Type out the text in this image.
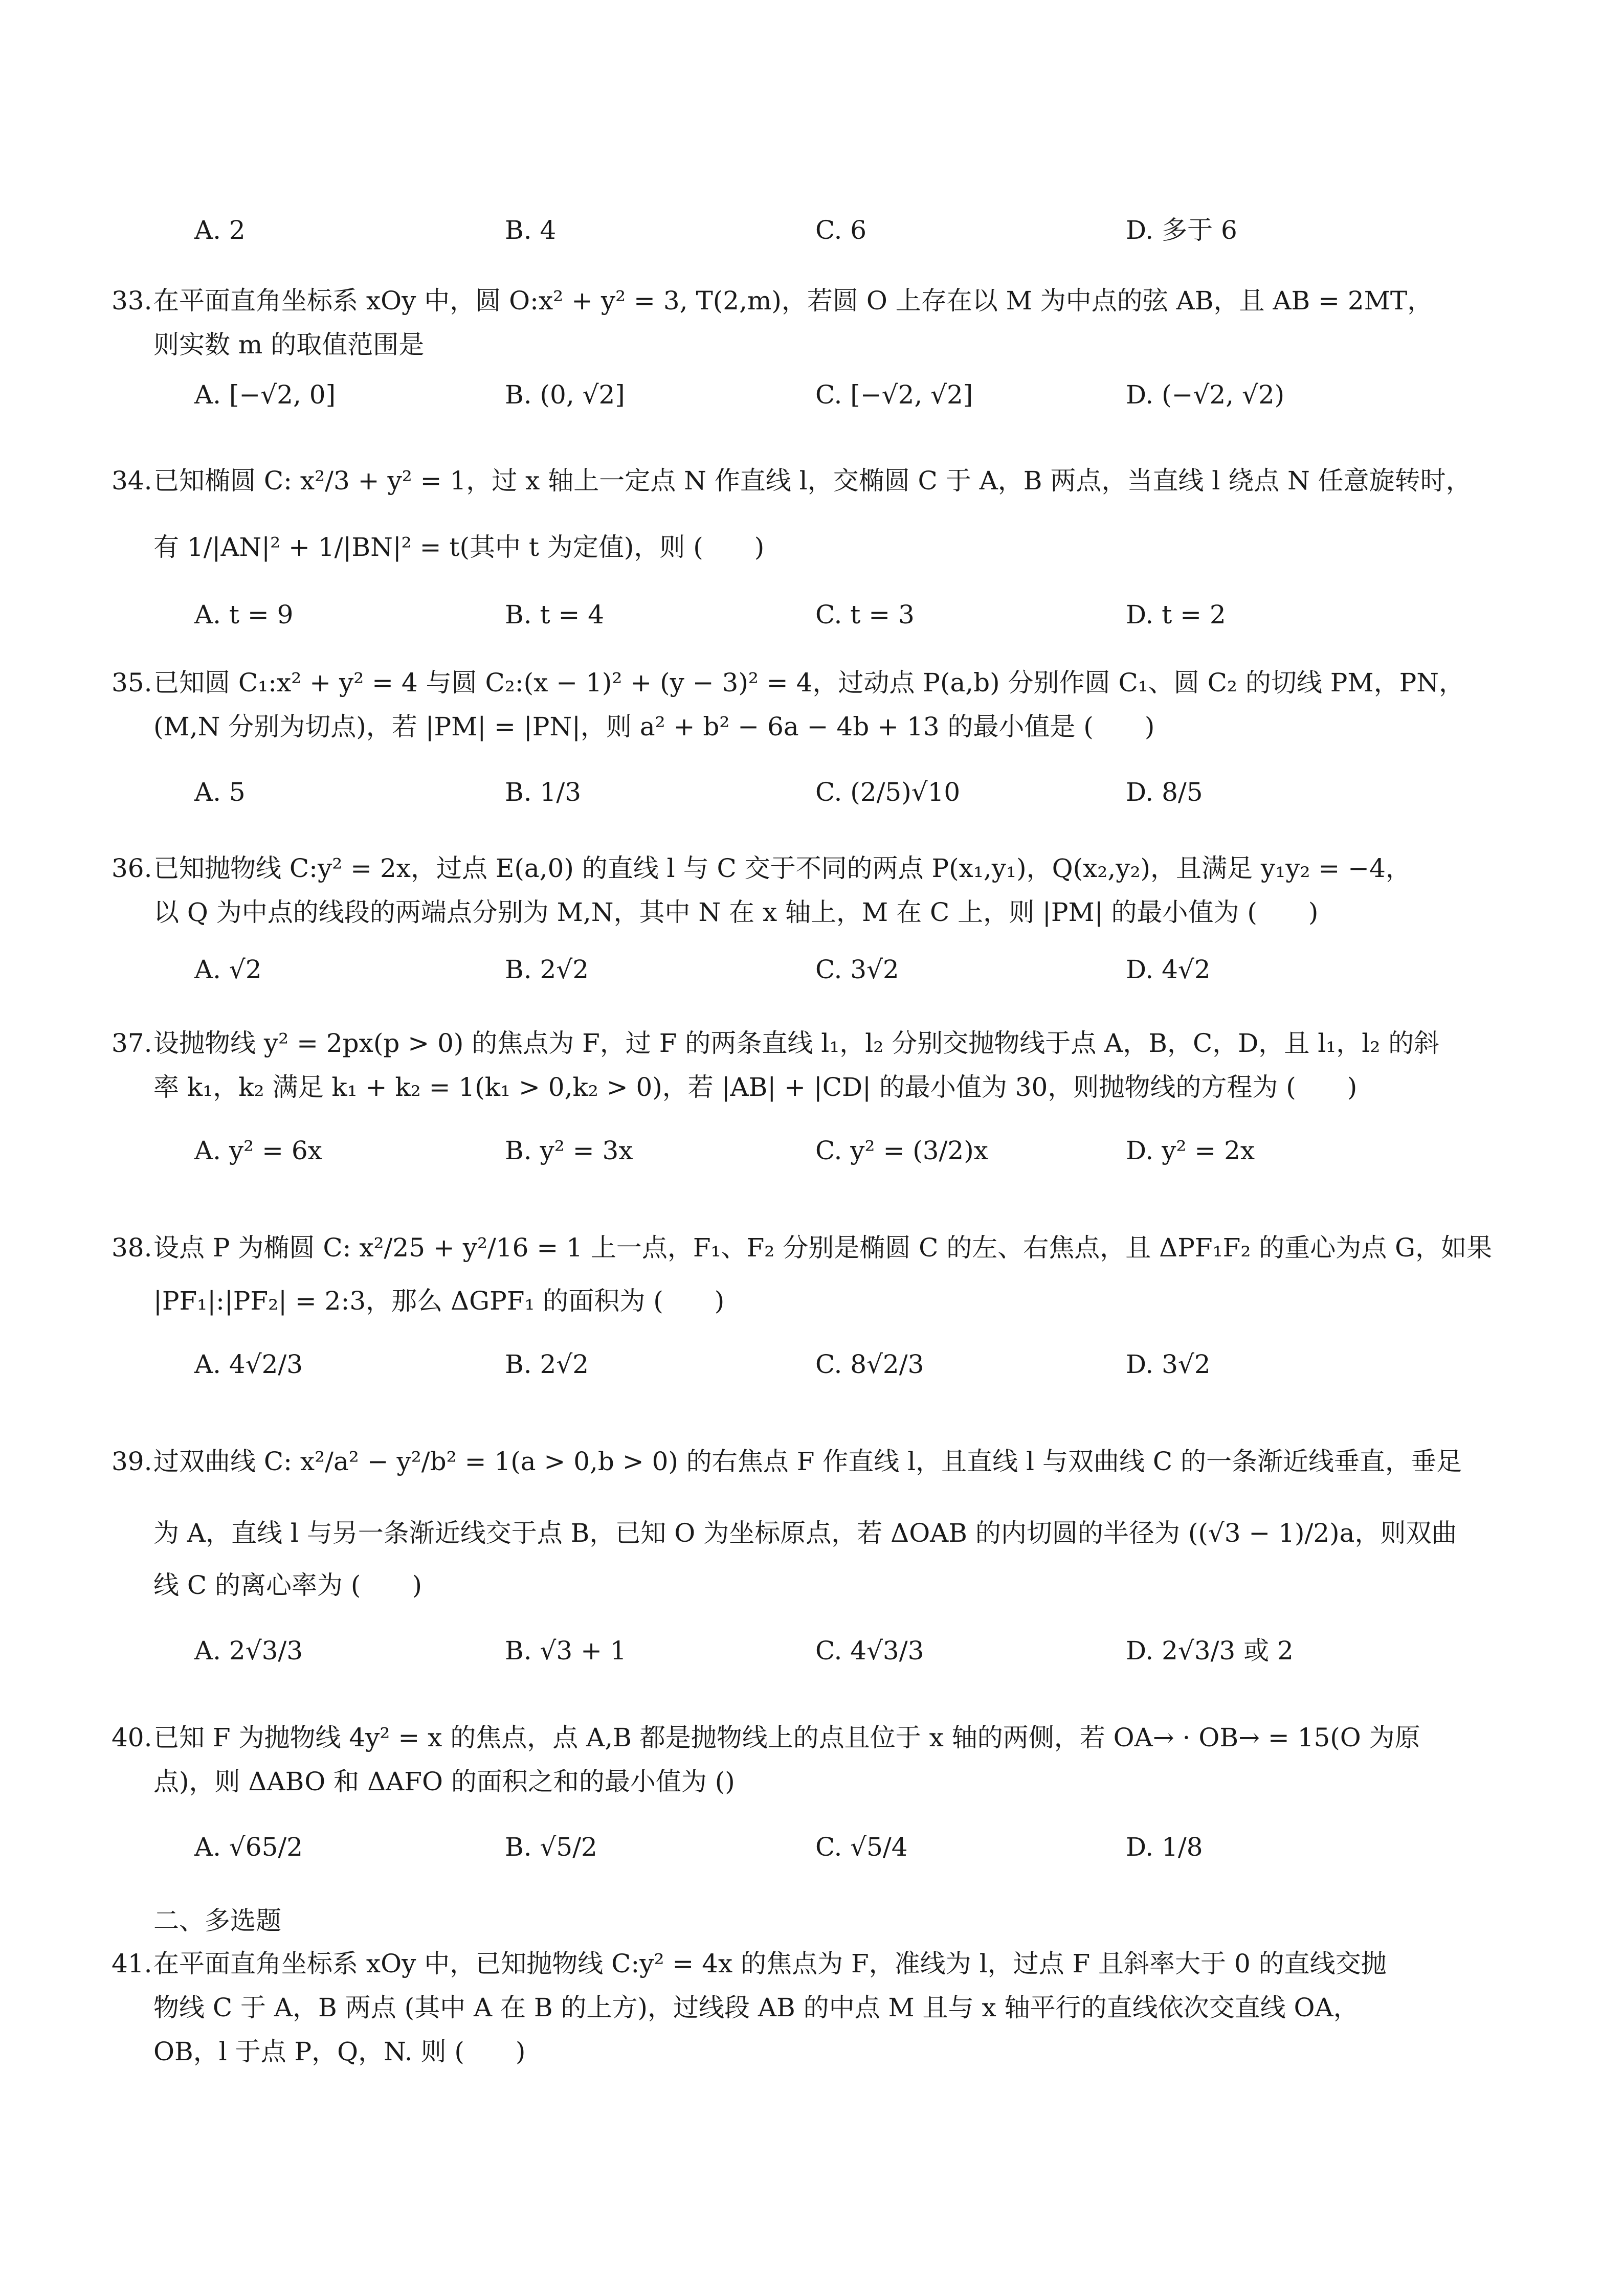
A. 2	B. 4	C. 6	D. 多于 6
33. 在平面直角坐标系 xOy 中，圆 O:x² + y² = 3, T(2,m)，若圆 O 上存在以 M 为中点的弦 AB，且 AB = 2MT，
则实数 m 的取值范围是
A. [−√2, 0]	B. (0, √2]	C. [−√2, √2]	D. (−√2, √2)
34. 已知椭圆 C: x²/3 + y² = 1，过 x 轴上一定点 N 作直线 l，交椭圆 C 于 A，B 两点，当直线 l 绕点 N 任意旋转时，
有 1/|AN|² + 1/|BN|² = t(其中 t 为定值)，则 (　　)
A. t = 9	B. t = 4	C. t = 3	D. t = 2
35. 已知圆 C₁:x² + y² = 4 与圆 C₂:(x − 1)² + (y − 3)² = 4，过动点 P(a,b) 分别作圆 C₁、圆 C₂ 的切线 PM，PN，
(M,N 分别为切点)，若 |PM| = |PN|，则 a² + b² − 6a − 4b + 13 的最小值是 (　　)
A. 5	B. 1/3	C. (2/5)√10	D. 8/5
36. 已知抛物线 C:y² = 2x，过点 E(a,0) 的直线 l 与 C 交于不同的两点 P(x₁,y₁)，Q(x₂,y₂)，且满足 y₁y₂ = −4，
以 Q 为中点的线段的两端点分别为 M,N，其中 N 在 x 轴上，M 在 C 上，则 |PM| 的最小值为 (　　)
A. √2	B. 2√2	C. 3√2	D. 4√2
37. 设抛物线 y² = 2px(p > 0) 的焦点为 F，过 F 的两条直线 l₁，l₂ 分别交抛物线于点 A，B，C，D，且 l₁，l₂ 的斜
率 k₁，k₂ 满足 k₁ + k₂ = 1(k₁ > 0,k₂ > 0)，若 |AB| + |CD| 的最小值为 30，则抛物线的方程为 (　　)
A. y² = 6x	B. y² = 3x	C. y² = (3/2)x	D. y² = 2x
38. 设点 P 为椭圆 C: x²/25 + y²/16 = 1 上一点，F₁、F₂ 分别是椭圆 C 的左、右焦点，且 ΔPF₁F₂ 的重心为点 G，如果
|PF₁|:|PF₂| = 2:3，那么 ΔGPF₁ 的面积为 (　　)
A. 4√2/3	B. 2√2	C. 8√2/3	D. 3√2
39. 过双曲线 C: x²/a² − y²/b² = 1(a > 0,b > 0) 的右焦点 F 作直线 l，且直线 l 与双曲线 C 的一条渐近线垂直，垂足
为 A，直线 l 与另一条渐近线交于点 B，已知 O 为坐标原点，若 ΔOAB 的内切圆的半径为 ((√3 − 1)/2)a，则双曲
线 C 的离心率为 (　　)
A. 2√3/3	B. √3 + 1	C. 4√3/3	D. 2√3/3 或 2
40. 已知 F 为抛物线 4y² = x 的焦点，点 A,B 都是抛物线上的点且位于 x 轴的两侧，若 OA→ · OB→ = 15(O 为原
点)，则 ΔABO 和 ΔAFO 的面积之和的最小值为 ()
A. √65/2	B. √5/2	C. √5/4	D. 1/8
二、多选题
41. 在平面直角坐标系 xOy 中，已知抛物线 C:y² = 4x 的焦点为 F，准线为 l，过点 F 且斜率大于 0 的直线交抛
物线 C 于 A，B 两点 (其中 A 在 B 的上方)，过线段 AB 的中点 M 且与 x 轴平行的直线依次交直线 OA，
OB，l 于点 P，Q，N. 则 (　　)
